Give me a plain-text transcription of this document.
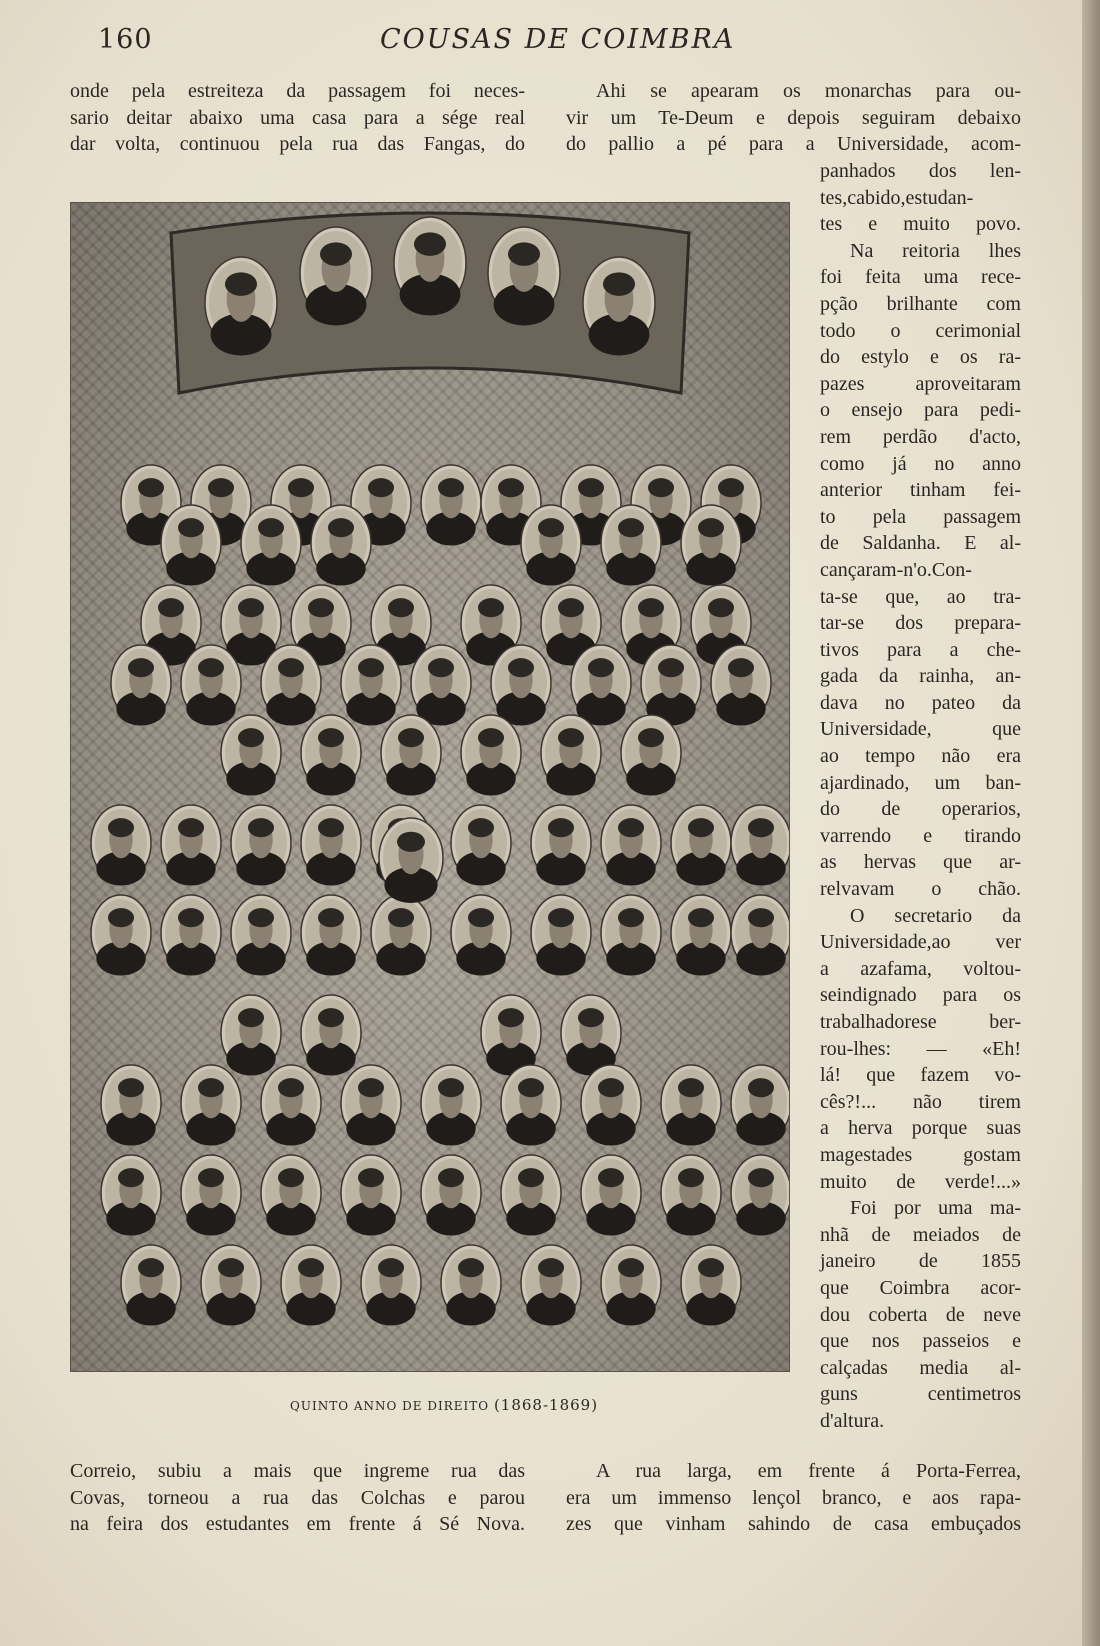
160	COUSAS DE COIMBRA
onde pela estreiteza da passagem foi neces-
sario deitar abaixo uma casa para a sége real
dar volta, continuou pela rua das Fangas, do
Ahi se apearam os monarchas para ou-
vir um Te-Deum e depois seguiram debaixo
do pallio a pé para a Universidade, acom-
panhados dos len-
tes,cabido,estudan-
tes e muito povo.
Na reitoria lhes
foi feita uma rece-
pção brilhante com
todo o cerimonial
do estylo e os ra-
pazes aproveitaram
o ensejo para pedi-
rem perdão d'acto,
como já no anno
anterior tinham fei-
to pela passagem
de Saldanha. E al-
cançaram-n'o.Con-
ta-se que, ao tra-
tar-se dos prepara-
tivos para a che-
gada da rainha, an-
dava no pateo da
Universidade, que
ao tempo não era
ajardinado, um ban-
do de operarios,
varrendo e tirando
as hervas que ar-
relvavam o chão.
O secretario da
Universidade,ao ver
a azafama, voltou-
seindignado para os
trabalhadorese ber-
rou-lhes: — «Eh!
lá! que fazem vo-
cês?!... não tirem
a herva porque suas
magestades gostam
muito de verde!...»
Foi por uma ma-
nhã de meiados de
janeiro de 1855
que Coimbra acor-
dou coberta de neve
que nos passeios e
calçadas media al-
guns centimetros
d'altura.
QUINTO ANNO DE DIREITO (1868-1869)
Correio, subiu a mais que ingreme rua das
Covas, torneou a rua das Colchas e parou
na feira dos estudantes em frente á Sé Nova.
A rua larga, em frente á Porta-Ferrea,
era um immenso lençol branco, e aos rapa-
zes que vinham sahindo de casa embuçados
